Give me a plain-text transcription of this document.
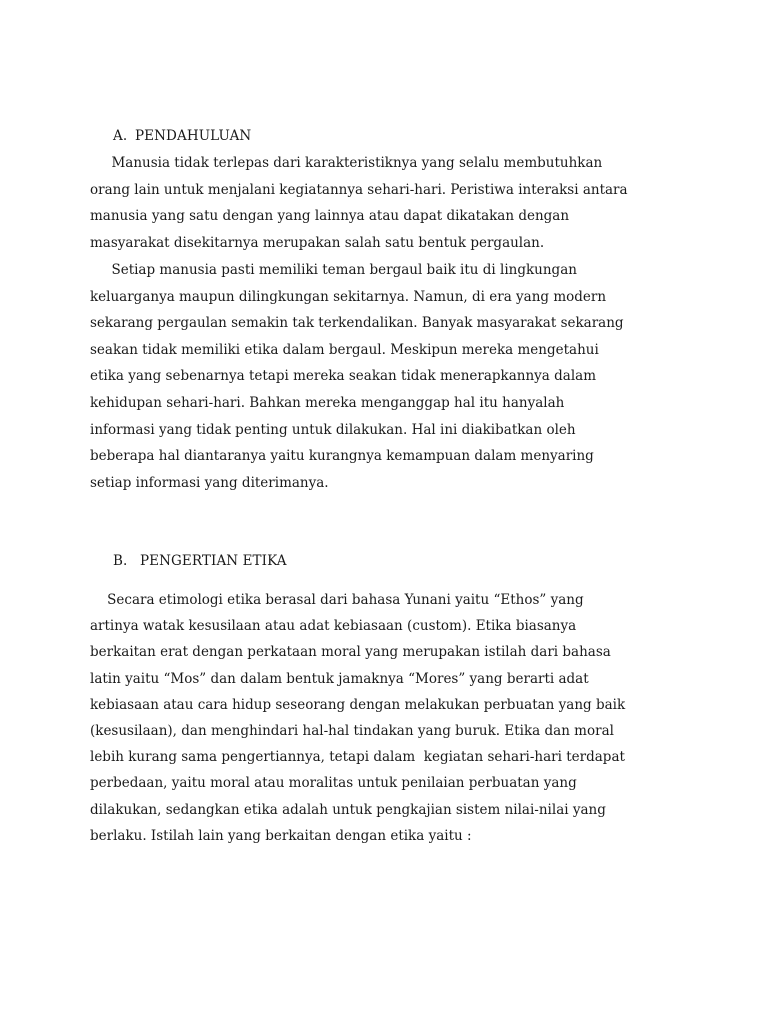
A. PENDAHULUAN
Manusia tidak terlepas dari karakteristiknya yang selalu membutuhkan
orang lain untuk menjalani kegiatannya sehari-hari. Peristiwa interaksi antara
manusia yang satu dengan yang lainnya atau dapat dikatakan dengan
masyarakat disekitarnya merupakan salah satu bentuk pergaulan.
Setiap manusia pasti memiliki teman bergaul baik itu di lingkungan
keluarganya maupun dilingkungan sekitarnya. Namun, di era yang modern
sekarang pergaulan semakin tak terkendalikan. Banyak masyarakat sekarang
seakan tidak memiliki etika dalam bergaul. Meskipun mereka mengetahui
etika yang sebenarnya tetapi mereka seakan tidak menerapkannya dalam
kehidupan sehari-hari. Bahkan mereka menganggap hal itu hanyalah
informasi yang tidak penting untuk dilakukan. Hal ini diakibatkan oleh
beberapa hal diantaranya yaitu kurangnya kemampuan dalam menyaring
setiap informasi yang diterimanya.
B. PENGERTIAN ETIKA
Secara etimologi etika berasal dari bahasa Yunani yaitu “Ethos” yang
artinya watak kesusilaan atau adat kebiasaan (custom). Etika biasanya
berkaitan erat dengan perkataan moral yang merupakan istilah dari bahasa
latin yaitu “Mos” dan dalam bentuk jamaknya “Mores” yang berarti adat
kebiasaan atau cara hidup seseorang dengan melakukan perbuatan yang baik
(kesusilaan), dan menghindari hal-hal tindakan yang buruk. Etika dan moral
lebih kurang sama pengertiannya, tetapi dalam  kegiatan sehari-hari terdapat
perbedaan, yaitu moral atau moralitas untuk penilaian perbuatan yang
dilakukan, sedangkan etika adalah untuk pengkajian sistem nilai-nilai yang
berlaku. Istilah lain yang berkaitan dengan etika yaitu :
